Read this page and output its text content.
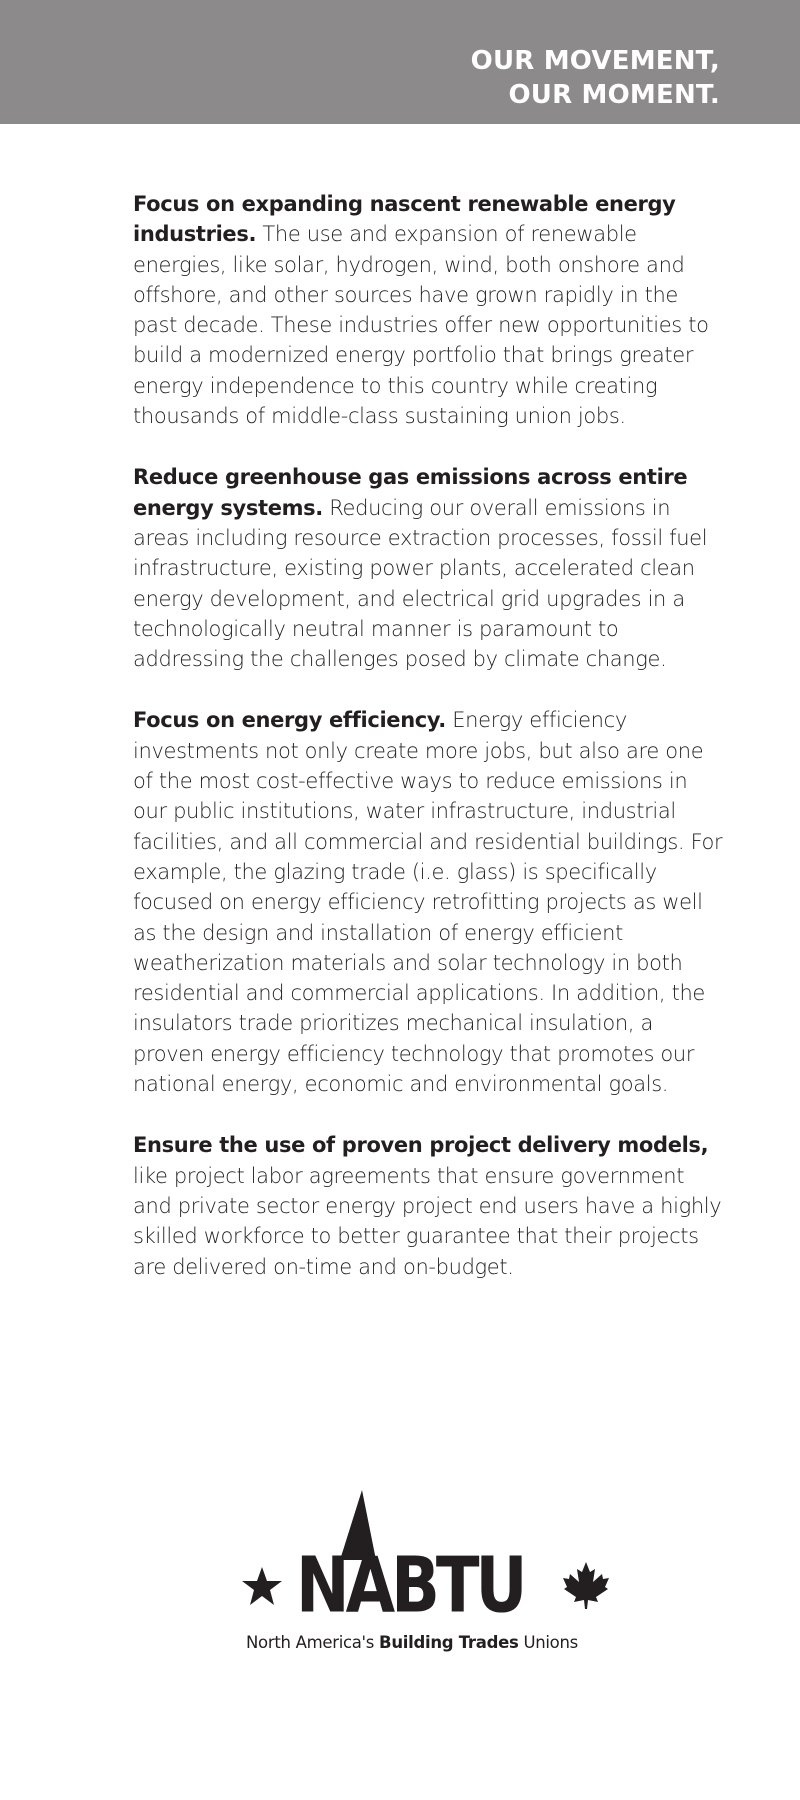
OUR MOVEMENT,
OUR MOMENT.

Focus on expanding nascent renewable energy industries. The use and expansion of renewable energies, like solar, hydrogen, wind, both onshore and offshore, and other sources have grown rapidly in the past decade. These industries offer new opportunities to build a modernized energy portfolio that brings greater energy independence to this country while creating thousands of middle-class sustaining union jobs.

Reduce greenhouse gas emissions across entire energy systems. Reducing our overall emissions in areas including resource extraction processes, fossil fuel infrastructure, existing power plants, accelerated clean energy development, and electrical grid upgrades in a technologically neutral manner is paramount to addressing the challenges posed by climate change.

Focus on energy efficiency. Energy efficiency investments not only create more jobs, but also are one of the most cost-effective ways to reduce emissions in our public institutions, water infrastructure, industrial facilities, and all commercial and residential buildings. For example, the glazing trade (i.e. glass) is specifically focused on energy efficiency retrofitting projects as well as the design and installation of energy efficient weatherization materials and solar technology in both residential and commercial applications. In addition, the insulators trade prioritizes mechanical insulation, a proven energy efficiency technology that promotes our national energy, economic and environmental goals.

Ensure the use of proven project delivery models, like project labor agreements that ensure government and private sector energy project end users have a highly skilled workforce to better guarantee that their projects are delivered on-time and on-budget.

NABTU
North America's Building Trades Unions
